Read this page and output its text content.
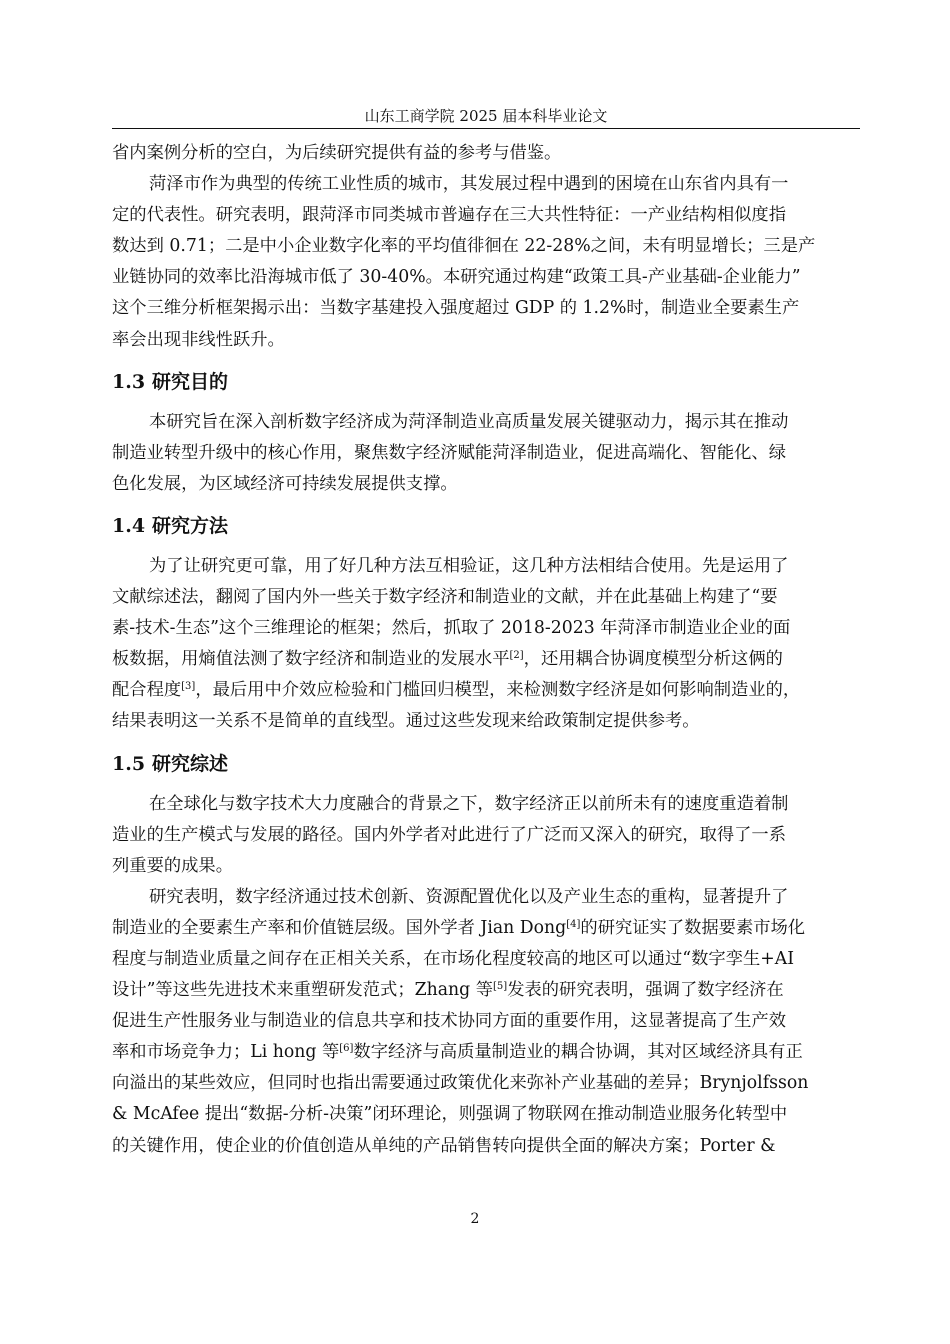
山东工商学院 2025 届本科毕业论文

省内案例分析的空白，为后续研究提供有益的参考与借鉴。

菏泽市作为典型的传统工业性质的城市，其发展过程中遇到的困境在山东省内具有一

定的代表性。研究表明，跟菏泽市同类城市普遍存在三大共性特征：一产业结构相似度指

数达到 0.71；二是中小企业数字化率的平均值徘徊在 22-28%之间，未有明显增长；三是产

业链协同的效率比沿海城市低了 30-40%。本研究通过构建“政策工具-产业基础-企业能力”

这个三维分析框架揭示出：当数字基建投入强度超过 GDP 的 1.2%时，制造业全要素生产

率会出现非线性跃升。

1.3 研究目的

本研究旨在深入剖析数字经济成为菏泽制造业高质量发展关键驱动力，揭示其在推动

制造业转型升级中的核心作用，聚焦数字经济赋能菏泽制造业，促进高端化、智能化、绿

色化发展，为区域经济可持续发展提供支撑。

1.4 研究方法

为了让研究更可靠，用了好几种方法互相验证，这几种方法相结合使用。先是运用了

文献综述法，翻阅了国内外一些关于数字经济和制造业的文献，并在此基础上构建了“要

素-技术-生态”这个三维理论的框架；然后，抓取了 2018-2023 年菏泽市制造业企业的面

板数据，用熵值法测了数字经济和制造业的发展水平[2]，还用耦合协调度模型分析这俩的

配合程度[3]，最后用中介效应检验和门槛回归模型，来检测数字经济是如何影响制造业的，

结果表明这一关系不是简单的直线型。通过这些发现来给政策制定提供参考。

1.5 研究综述

在全球化与数字技术大力度融合的背景之下，数字经济正以前所未有的速度重造着制

造业的生产模式与发展的路径。国内外学者对此进行了广泛而又深入的研究，取得了一系

列重要的成果。

研究表明，数字经济通过技术创新、资源配置优化以及产业生态的重构，显著提升了

制造业的全要素生产率和价值链层级。国外学者 Jian Dong[4]的研究证实了数据要素市场化

程度与制造业质量之间存在正相关关系，在市场化程度较高的地区可以通过“数字孪生+AI

设计”等这些先进技术来重塑研发范式；Zhang 等[5]发表的研究表明，强调了数字经济在

促进生产性服务业与制造业的信息共享和技术协同方面的重要作用，这显著提高了生产效

率和市场竞争力；Li hong 等[6]数字经济与高质量制造业的耦合协调，其对区域经济具有正

向溢出的某些效应，但同时也指出需要通过政策优化来弥补产业基础的差异；Brynjolfsson

& McAfee 提出“数据-分析-决策”闭环理论，则强调了物联网在推动制造业服务化转型中

的关键作用，使企业的价值创造从单纯的产品销售转向提供全面的解决方案；Porter &

2
